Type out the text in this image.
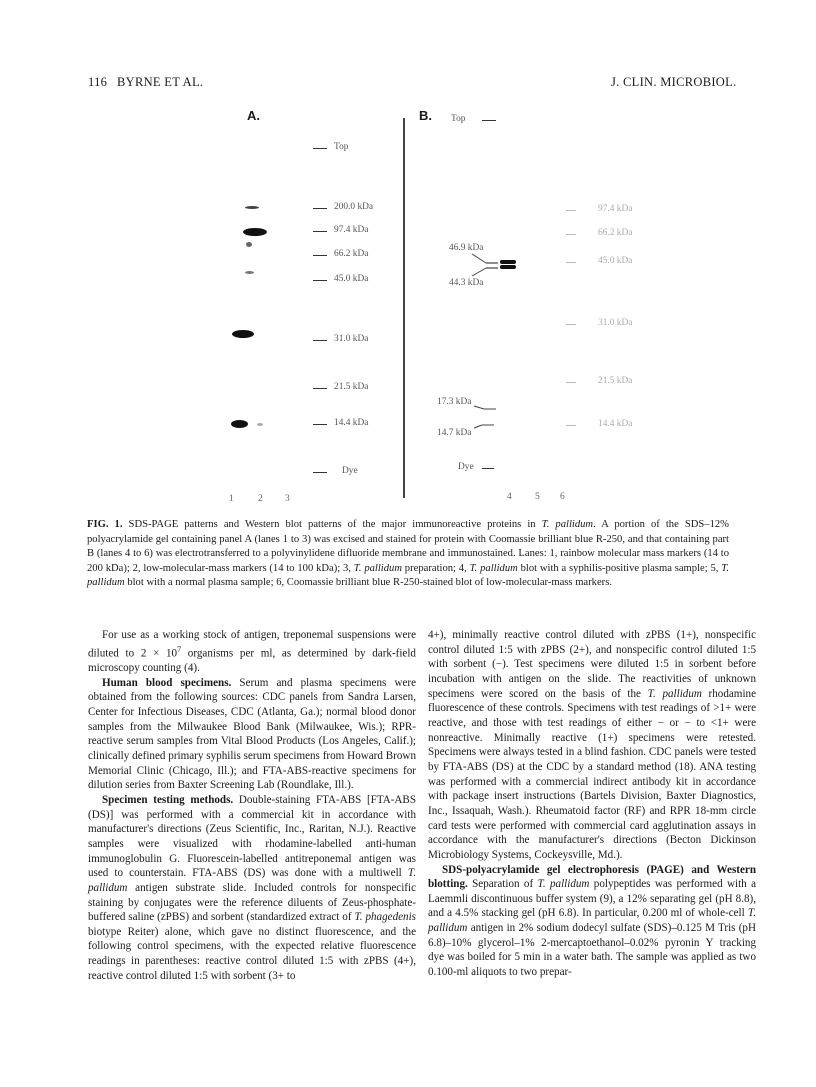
116 BYRNE ET AL.	J. CLIN. MICROBIOL.
A.
Top
200.0 kDa
97.4 kDa
66.2 kDa
45.0 kDa
31.0 kDa
21.5 kDa
14.4 kDa
Dye
1	2 3
B. Top
46.9 kDa
44.3 kDa
17.3 kDa
14.7 kDa
Dye
97.4 kDa
66.2 kDa
45.0 kDa
31.0 kDa
21.5 kDa
14.4 kDa
4 5 6
FIG. 1. SDS-PAGE patterns and Western blot patterns of the major immunoreactive proteins in T. pallidum. A portion of the SDS–12% polyacrylamide gel containing panel A (lanes 1 to 3) was excised and stained for protein with Coomassie brilliant blue R-250, and that containing part B (lanes 4 to 6) was electrotransferred to a polyvinylidene difluoride membrane and immunostained. Lanes: 1, rainbow molecular mass markers (14 to 200 kDa); 2, low-molecular-mass markers (14 to 100 kDa); 3, T. pallidum preparation; 4, T. pallidum blot with a syphilis-positive plasma sample; 5, T. pallidum blot with a normal plasma sample; 6, Coomassie brilliant blue R-250-stained blot of low-molecular-mass markers.

For use as a working stock of antigen, treponemal suspensions were diluted to $2 \times 10^7$ organisms per ml, as determined by dark-field microscopy counting (4).

Human blood specimens. Serum and plasma specimens were obtained from the following sources: CDC panels from Sandra Larsen, Center for Infectious Diseases, CDC (Atlanta, Ga.); normal blood donor samples from the Milwaukee Blood Bank (Milwaukee, Wis.); RPR-reactive serum samples from Vital Blood Products (Los Angeles, Calif.); clinically defined primary syphilis serum specimens from Howard Brown Memorial Clinic (Chicago, Ill.); and FTA-ABS-reactive specimens for dilution series from Baxter Screening Lab (Roundlake, Ill.).

Specimen testing methods. Double-staining FTA-ABS [FTA-ABS (DS)] was performed with a commercial kit in accordance with manufacturer's directions (Zeus Scientific, Inc., Raritan, N.J.). Reactive samples were visualized with rhodamine-labelled anti-human immunoglobulin G. Fluorescein-labelled antitreponemal antigen was used to counterstain. FTA-ABS (DS) was done with a multiwell T. pallidum antigen substrate slide. Included controls for nonspecific staining by conjugates were the reference diluents of Zeus-phosphate-buffered saline (zPBS) and sorbent (standardized extract of T. phagedenis biotype Reiter) alone, which gave no distinct fluorescence, and the following control specimens, with the expected relative fluorescence readings in parentheses: reactive control diluted 1:5 with zPBS (4+), reactive control diluted 1:5 with sorbent (3+ to

4+), minimally reactive control diluted with zPBS (1+), nonspecific control diluted 1:5 with zPBS (2+), and nonspecific control diluted 1:5 with sorbent (−). Test specimens were diluted 1:5 in sorbent before incubation with antigen on the slide. The reactivities of unknown specimens were scored on the basis of the T. pallidum rhodamine fluorescence of these controls. Specimens with test readings of >1+ were reactive, and those with test readings of either − or − to <1+ were nonreactive. Minimally reactive (1+) specimens were retested. Specimens were always tested in a blind fashion. CDC panels were tested by FTA-ABS (DS) at the CDC by a standard method (18). ANA testing was performed with a commercial indirect antibody kit in accordance with package insert instructions (Bartels Division, Baxter Diagnostics, Inc., Issaquah, Wash.). Rheumatoid factor (RF) and RPR 18-mm circle card tests were performed with commercial card agglutination assays in accordance with the manufacturer's directions (Becton Dickinson Microbiology Systems, Cockeysville, Md.).

SDS-polyacrylamide gel electrophoresis (PAGE) and Western blotting. Separation of T. pallidum polypeptides was performed with a Laemmli discontinuous buffer system (9), a 12% separating gel (pH 8.8), and a 4.5% stacking gel (pH 6.8). In particular, 0.200 ml of whole-cell T. pallidum antigen in 2% sodium dodecyl sulfate (SDS)–0.125 M Tris (pH 6.8)–10% glycerol–1% 2-mercaptoethanol–0.02% pyronin Y tracking dye was boiled for 5 min in a water bath. The sample was applied as two 0.100-ml aliquots to two prepar-
